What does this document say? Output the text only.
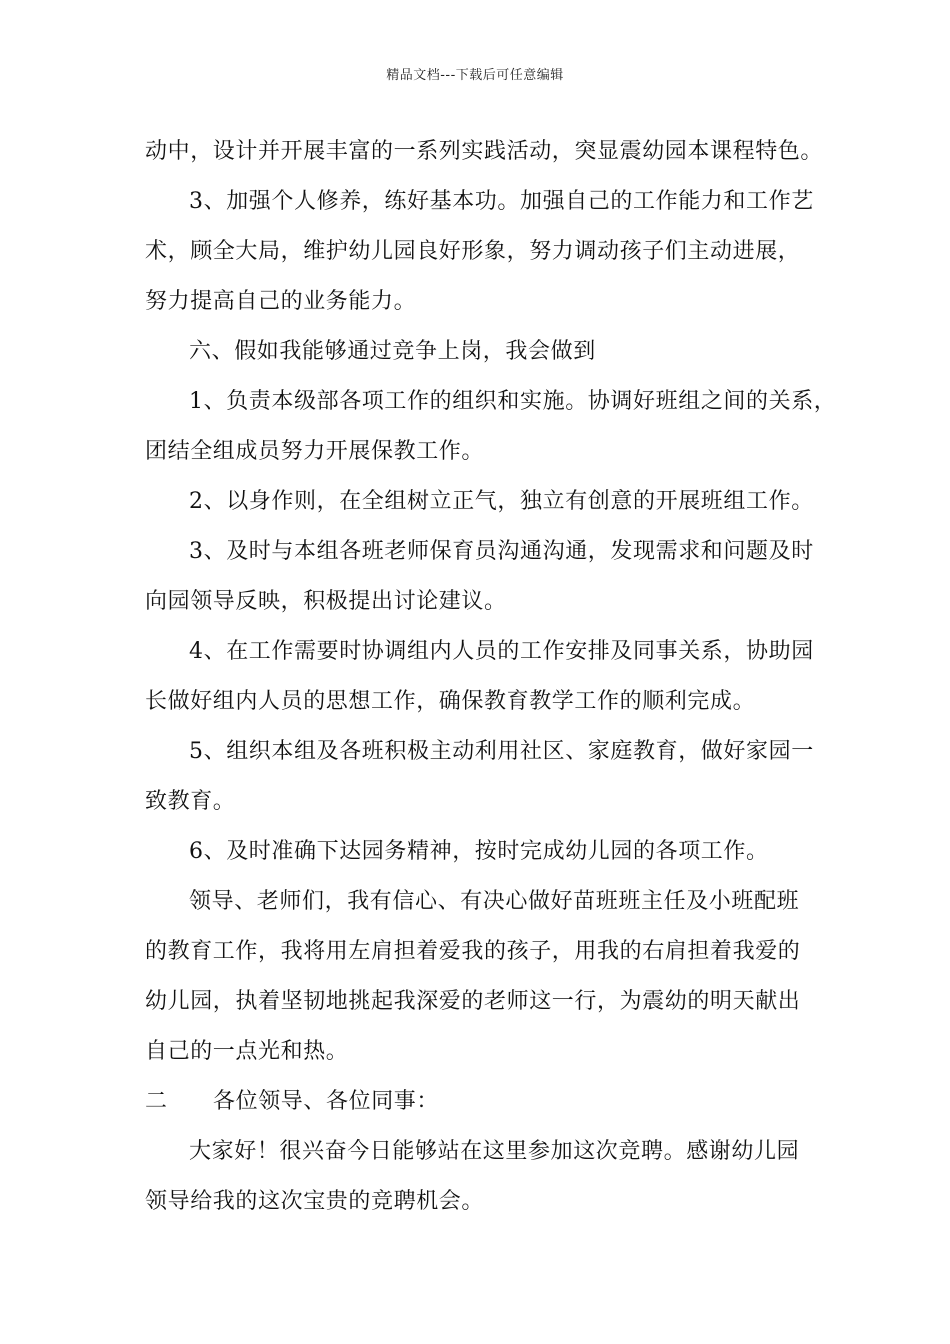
精品文档---下载后可任意编辑
动中，设计并开展丰富的一系列实践活动，突显震幼园本课程特色。
3、加强个人修养，练好基本功。加强自己的工作能力和工作艺
术，顾全大局，维护幼儿园良好形象，努力调动孩子们主动进展，
努力提高自己的业务能力。
六、假如我能够通过竞争上岗，我会做到
1、负责本级部各项工作的组织和实施。协调好班组之间的关系，
团结全组成员努力开展保教工作。
2、以身作则，在全组树立正气，独立有创意的开展班组工作。
3、及时与本组各班老师保育员沟通沟通，发现需求和问题及时
向园领导反映，积极提出讨论建议。
4、在工作需要时协调组内人员的工作安排及同事关系，协助园
长做好组内人员的思想工作，确保教育教学工作的顺利完成。
5、组织本组及各班积极主动利用社区、家庭教育，做好家园一
致教育。
6、及时准确下达园务精神，按时完成幼儿园的各项工作。
领导、老师们，我有信心、有决心做好苗班班主任及小班配班
的教育工作，我将用左肩担着爱我的孩子，用我的右肩担着我爱的
幼儿园，执着坚韧地挑起我深爱的老师这一行，为震幼的明天献出
自己的一点光和热。
二 各位领导、各位同事：
大家好！很兴奋今日能够站在这里参加这次竞聘。感谢幼儿园
领导给我的这次宝贵的竞聘机会。
